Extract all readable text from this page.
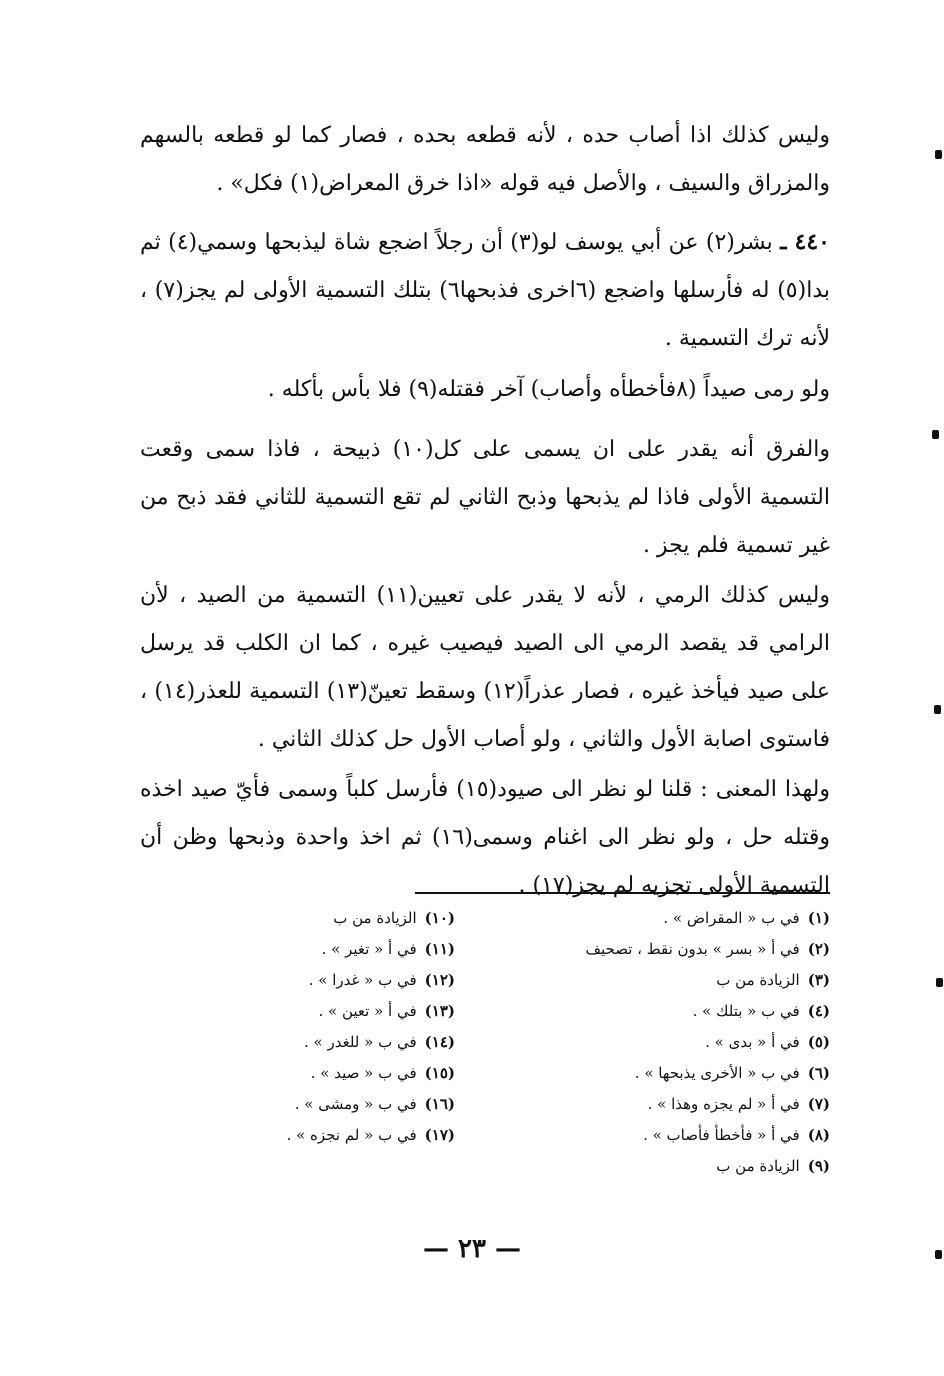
وليس كذلك اذا أصاب حده ، لأنه قطعه بحده ، فصار كما لو قطعه بالسهم والمزراق والسيف ، والأصل فيه قوله «اذا خرق المعراض(١) فكل» .

٤٤٠ ـ بشر(٢) عن أبي يوسف لو(٣) أن رجلاً اضجع شاة ليذبحها وسمي(٤) ثم بدا(٥) له فأرسلها واضجع (٦اخرى فذبحها٦) بتلك التسمية الأولى لم يجز(٧) ، لأنه ترك التسمية .

ولو رمى صيداً (٨فأخطأه وأصاب) آخر فقتله(٩) فلا بأس بأكله .

والفرق أنه يقدر على ان يسمى على كل(١٠) ذبيحة ، فاذا سمى وقعت التسمية الأولى فاذا لم يذبحها وذبح الثاني لم تقع التسمية للثاني فقد ذبح من غير تسمية فلم يجز .

وليس كذلك الرمي ، لأنه لا يقدر على تعيين(١١) التسمية من الصيد ، لأن الرامي قد يقصد الرمي الى الصيد فيصيب غيره ، كما ان الكلب قد يرسل على صيد فيأخذ غيره ، فصار عذراً(١٢) وسقط تعينّ(١٣) التسمية للعذر(١٤) ، فاستوى اصابة الأول والثاني ، ولو أصاب الأول حل كذلك الثاني .

ولهذا المعنى : قلنا لو نظر الى صيود(١٥) فأرسل كلباً وسمى فأيّ صيد اخذه وقتله حل ، ولو نظر الى اغنام وسمى(١٦) ثم اخذ واحدة وذبحها وظن أن التسمية الأولى تجزيه لم يجز(١٧) .

(١)في ب « المقراض » .
(٢)في أ « بسر » بدون نقط ، تصحيف
(٣)الزيادة من ب
(٤)في ب « بتلك » .
(٥)في أ « بدى » .
(٦)في ب « الأخرى يذبحها » .
(٧)في أ « لم يجزه وهذا » .
(٨)في أ « فأخطأ فأصاب » .
(٩)الزيادة من ب
(١٠)الزيادة من ب
(١١)في أ « تغير » .
(١٢)في ب « غدرا » .
(١٣)في أ « تعين » .
(١٤)في ب « للغدر » .
(١٥)في ب « صيد » .
(١٦)في ب « ومشى » .
(١٧)في ب « لم نجزه » .
— ٢٣ —
